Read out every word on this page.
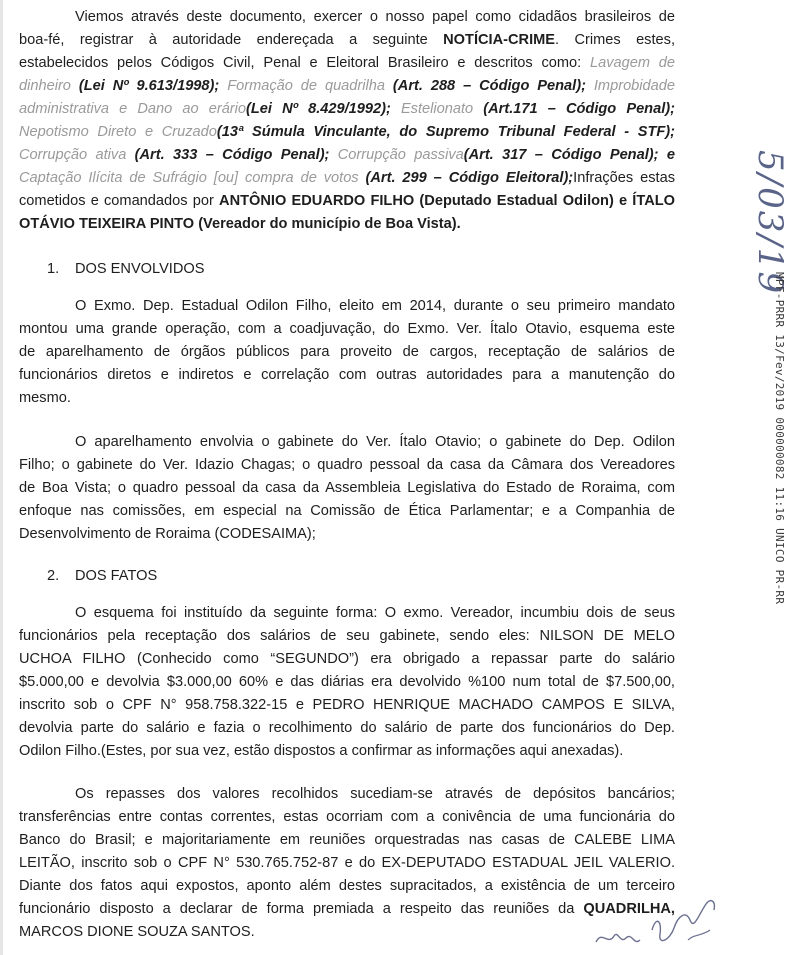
Viemos através deste documento, exercer o nosso papel como cidadãos brasileiros de
boa-fé, registrar à autoridade endereçada a seguinte NOTÍCIA-CRIME. Crimes estes,
estabelecidos pelos Códigos Civil, Penal e Eleitoral Brasileiro e descritos como: Lavagem de
dinheiro (Lei Nº 9.613/1998); Formação de quadrilha (Art. 288 – Código Penal); Improbidade
administrativa e Dano ao erário(Lei Nº 8.429/1992); Estelionato (Art.171 – Código Penal);
Nepotismo Direto e Cruzado(13ª Súmula Vinculante, do Supremo Tribunal Federal - STF);
Corrupção ativa (Art. 333 – Código Penal); Corrupção passiva(Art. 317 – Código Penal); e
Captação Ilícita de Sufrágio [ou] compra de votos (Art. 299 – Código Eleitoral);Infrações estas
cometidos e comandados por ANTÔNIO EDUARDO FILHO (Deputado Estadual Odilon) e ÍTALO
OTÁVIO TEIXEIRA PINTO (Vereador do município de Boa Vista).

1. DOS ENVOLVIDOS

O Exmo. Dep. Estadual Odilon Filho, eleito em 2014, durante o seu primeiro mandato
montou uma grande operação, com a coadjuvação, do Exmo. Ver. Ítalo Otavio, esquema este
de aparelhamento de órgãos públicos para proveito de cargos, receptação de salários de
funcionários diretos e indiretos e correlação com outras autoridades para a manutenção do
mesmo.
O aparelhamento envolvia o gabinete do Ver. Ítalo Otavio; o gabinete do Dep. Odilon
Filho; o gabinete do Ver. Idazio Chagas; o quadro pessoal da casa da Câmara dos Vereadores
de Boa Vista; o quadro pessoal da casa da Assembleia Legislativa do Estado de Roraima, com
enfoque nas comissões, em especial na Comissão de Ética Parlamentar; e a Companhia de
Desenvolvimento de Roraima (CODESAIMA);

2. DOS FATOS

O esquema foi instituído da seguinte forma: O exmo. Vereador, incumbiu dois de seus
funcionários pela receptação dos salários de seu gabinete, sendo eles: NILSON DE MELO
UCHOA FILHO (Conhecido como “SEGUNDO”) era obrigado a repassar parte do salário
$5.000,00 e devolvia $3.000,00 60% e das diárias era devolvido %100 num total de $7.500,00,
inscrito sob o CPF N° 958.758.322-15 e PEDRO HENRIQUE MACHADO CAMPOS E SILVA,
devolvia parte do salário e fazia o recolhimento do salário de parte dos funcionários do Dep.
Odilon Filho.(Estes, por sua vez, estão dispostos a confirmar as informações aqui anexadas).
Os repasses dos valores recolhidos sucediam-se através de depósitos bancários;
transferências entre contas correntes, estas ocorriam com a conivência de uma funcionária do
Banco do Brasil; e majoritariamente em reuniões orquestradas nas casas de CALEBE LIMA
LEITÃO, inscrito sob o CPF N° 530.765.752-87 e do EX-DEPUTADO ESTADUAL JEIL VALERIO.
Diante dos fatos aqui expostos, aponto além destes supracitados, a existência de um terceiro
funcionário disposto a declarar de forma premiada a respeito das reuniões da QUADRILHA,
MARCOS DIONE SOUZA SANTOS.
5/03/19
MPF-PRRR 13/Fev/2019 000000082 11:16 UNICO PR-RR
